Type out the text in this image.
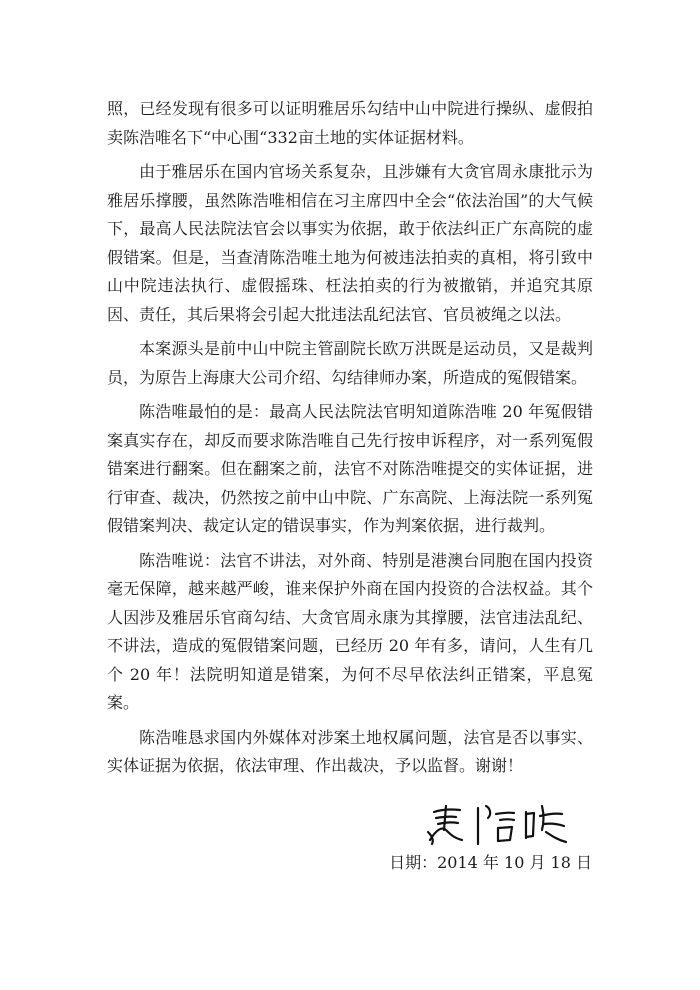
照，已经发现有很多可以证明雅居乐勾结中山中院进行操纵、虚假拍卖陈浩唯名下“中心围“332亩土地的实体证据材料。

由于雅居乐在国内官场关系复杂，且涉嫌有大贪官周永康批示为雅居乐撑腰，虽然陈浩唯相信在习主席四中全会“依法治国”的大气候下，最高人民法院法官会以事实为依据，敢于依法纠正广东高院的虚假错案。但是，当查清陈浩唯土地为何被违法拍卖的真相，将引致中山中院违法执行、虚假摇珠、枉法拍卖的行为被撤销，并追究其原因、责任，其后果将会引起大批违法乱纪法官、官员被绳之以法。

本案源头是前中山中院主管副院长欧万洪既是运动员，又是裁判员，为原告上海康大公司介绍、勾结律师办案，所造成的冤假错案。

陈浩唯最怕的是：最高人民法院法官明知道陈浩唯 20 年冤假错案真实存在，却反而要求陈浩唯自己先行按申诉程序，对一系列冤假错案进行翻案。但在翻案之前，法官不对陈浩唯提交的实体证据，进行审查、裁决，仍然按之前中山中院、广东高院、上海法院一系列冤假错案判决、裁定认定的错误事实，作为判案依据，进行裁判。

陈浩唯说：法官不讲法，对外商、特别是港澳台同胞在国内投资毫无保障，越来越严峻，谁来保护外商在国内投资的合法权益。其个人因涉及雅居乐官商勾结、大贪官周永康为其撑腰，法官违法乱纪、不讲法，造成的冤假错案问题，已经历 20 年有多，请问，人生有几个 20 年！法院明知道是错案，为何不尽早依法纠正错案，平息冤案。

陈浩唯恳求国内外媒体对涉案土地权属问题，法官是否以事实、实体证据为依据，依法审理、作出裁决，予以监督。谢谢！

日期：2014 年 10 月 18 日
